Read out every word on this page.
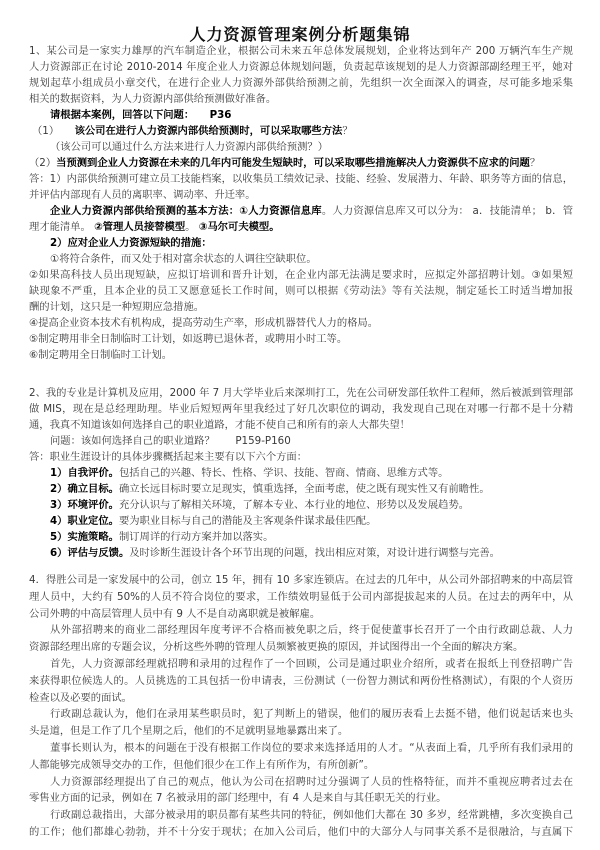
人力资源管理案例分析题集锦
1、某公司是一家实力雄厚的汽车制造企业，根据公司未来五年总体发展规划，企业将达到年产 200 万辆汽车生产规
人力资源部正在讨论 2010-2014 年度企业人力资源总体规划问题，负责起草该规划的是人力资源部副经理王平，她对
规划起草小组成员小章交代，在进行企业人力资源外部供给预测之前，先组织一次全面深入的调查，尽可能多地采集
相关的数据资料，为人力资源内部供给预测做好准备。
请根据本案例，回答以下问题：　　P36
（1）　　该公司在进行人力资源内部供给预测时，可以采取哪些方法？
（该公司可以通过什么方法来进行人力资源内部供给预测？）
（2）当预测到企业人力资源在未来的几年内可能发生短缺时，可以采取哪些措施解决人力资源供不应求的问题？
答：1）内部供给预测可建立员工技能档案，以收集员工绩效记录、技能、经验、发展潜力、年龄、职务等方面的信息，
并评估内部现有人员的离职率、调动率、升迁率。
企业人力资源内部供给预测的基本方法：①人力资源信息库。人力资源信息库又可以分为： a．技能清单； b．管
理才能清单。 ②管理人员接替模型。 ③马尔可夫模型。
2）应对企业人力资源短缺的措施：
①将符合条件，而又处于相对富余状态的人调往空缺职位。
②如果高科技人员出现短缺，应拟订培训和晋升计划，在企业内部无法满足要求时，应拟定外部招聘计划。③如果短
缺现象不严重，且本企业的员工又愿意延长工作时间，则可以根据《劳动法》等有关法规，制定延长工时适当增加报
酬的计划，这只是一种短期应急措施。
④提高企业资本技术有机构成，提高劳动生产率，形成机器替代人力的格局。
⑤制定聘用非全日制临时工计划，如返聘已退休者，或聘用小时工等。
⑥制定聘用全日制临时工计划。
2、我的专业是计算机及应用，2000 年 7 月大学毕业后来深圳打工，先在公司研发部任软件工程师，然后被派到管理部
做 MIS，现在是总经理助理。毕业后短短两年里我经过了好几次职位的调动，我发现自己现在对哪一行都不是十分精
通，我真不知道该如何选择自己的职业道路，才能不使自己和所有的亲人大都失望！
问题：该如何选择自己的职业道路？　　P159-P160
答：职业生涯设计的具体步骤概括起来主要有以下六个方面：
1）自我评价。包括自己的兴趣、特长、性格、学识、技能、智商、情商、思维方式等。
2）确立目标。确立长远目标时要立足现实，慎重选择，全面考虑，使之既有现实性又有前瞻性。
3）环境评价。充分认识与了解相关环境，了解本专业、本行业的地位、形势以及发展趋势。
4）职业定位。要为职业目标与自己的潜能及主客观条件谋求最佳匹配。
5）实施策略。制订周详的行动方案并加以落实。
6）评估与反馈。及时诊断生涯设计各个环节出现的问题，找出相应对策，对设计进行调整与完善。
4．得胜公司是一家发展中的公司，创立 15 年，拥有 10 多家连锁店。在过去的几年中，从公司外部招聘来的中高层管
理人员中，大约有 50%的人员不符合岗位的要求，工作绩效明显低于公司内部提拔起来的人员。在过去的两年中，从
公司外聘的中高层管理人员中有 9 人不是自动离职就是被解雇。
从外部招聘来的商业二部经理因年度考评不合格而被免职之后，终于促使董事长召开了一个由行政副总裁、人力
资源部经理出席的专题会议，分析这些外聘的管理人员频繁被更换的原因，并试图得出一个全面的解决方案。
首先，人力资源部经理就招聘和录用的过程作了一个回顾，公司是通过职业介绍所，或者在报纸上刊登招聘广告
来获得职位候选人的。人员挑选的工具包括一份申请表，三份测试（一份智力测试和两份性格测试），有限的个人资历
检查以及必要的面试。
行政副总裁认为，他们在录用某些职员时，犯了判断上的错误，他们的履历表看上去挺不错，他们说起话来也头
头是道，但是工作了几个星期之后，他们的不足就明显地暴露出来了。
董事长则认为，根本的问题在于没有根据工作岗位的要求来选择适用的人才。“从表面上看，几乎所有我们录用的
人都能够完成领导交办的工作，但他们很少在工作上有所作为，有所创新”。
人力资源部经理提出了自己的观点，他认为公司在招聘时过分强调了人员的性格特征，而并不重视应聘者过去在
零售业方面的记录，例如在 7 名被录用的部门经理中，有 4 人是来自与其任职无关的行业。
行政副总裁指出，大部分被录用的职员都有某些共同的特征，例如他们大都在 30 多岁，经常跳槽，多次变换自己
的工作；他们都雄心勃勃，并不十分安于现状；在加入公司后，他们中的大部分人与同事关系不是很融洽，与直属下
